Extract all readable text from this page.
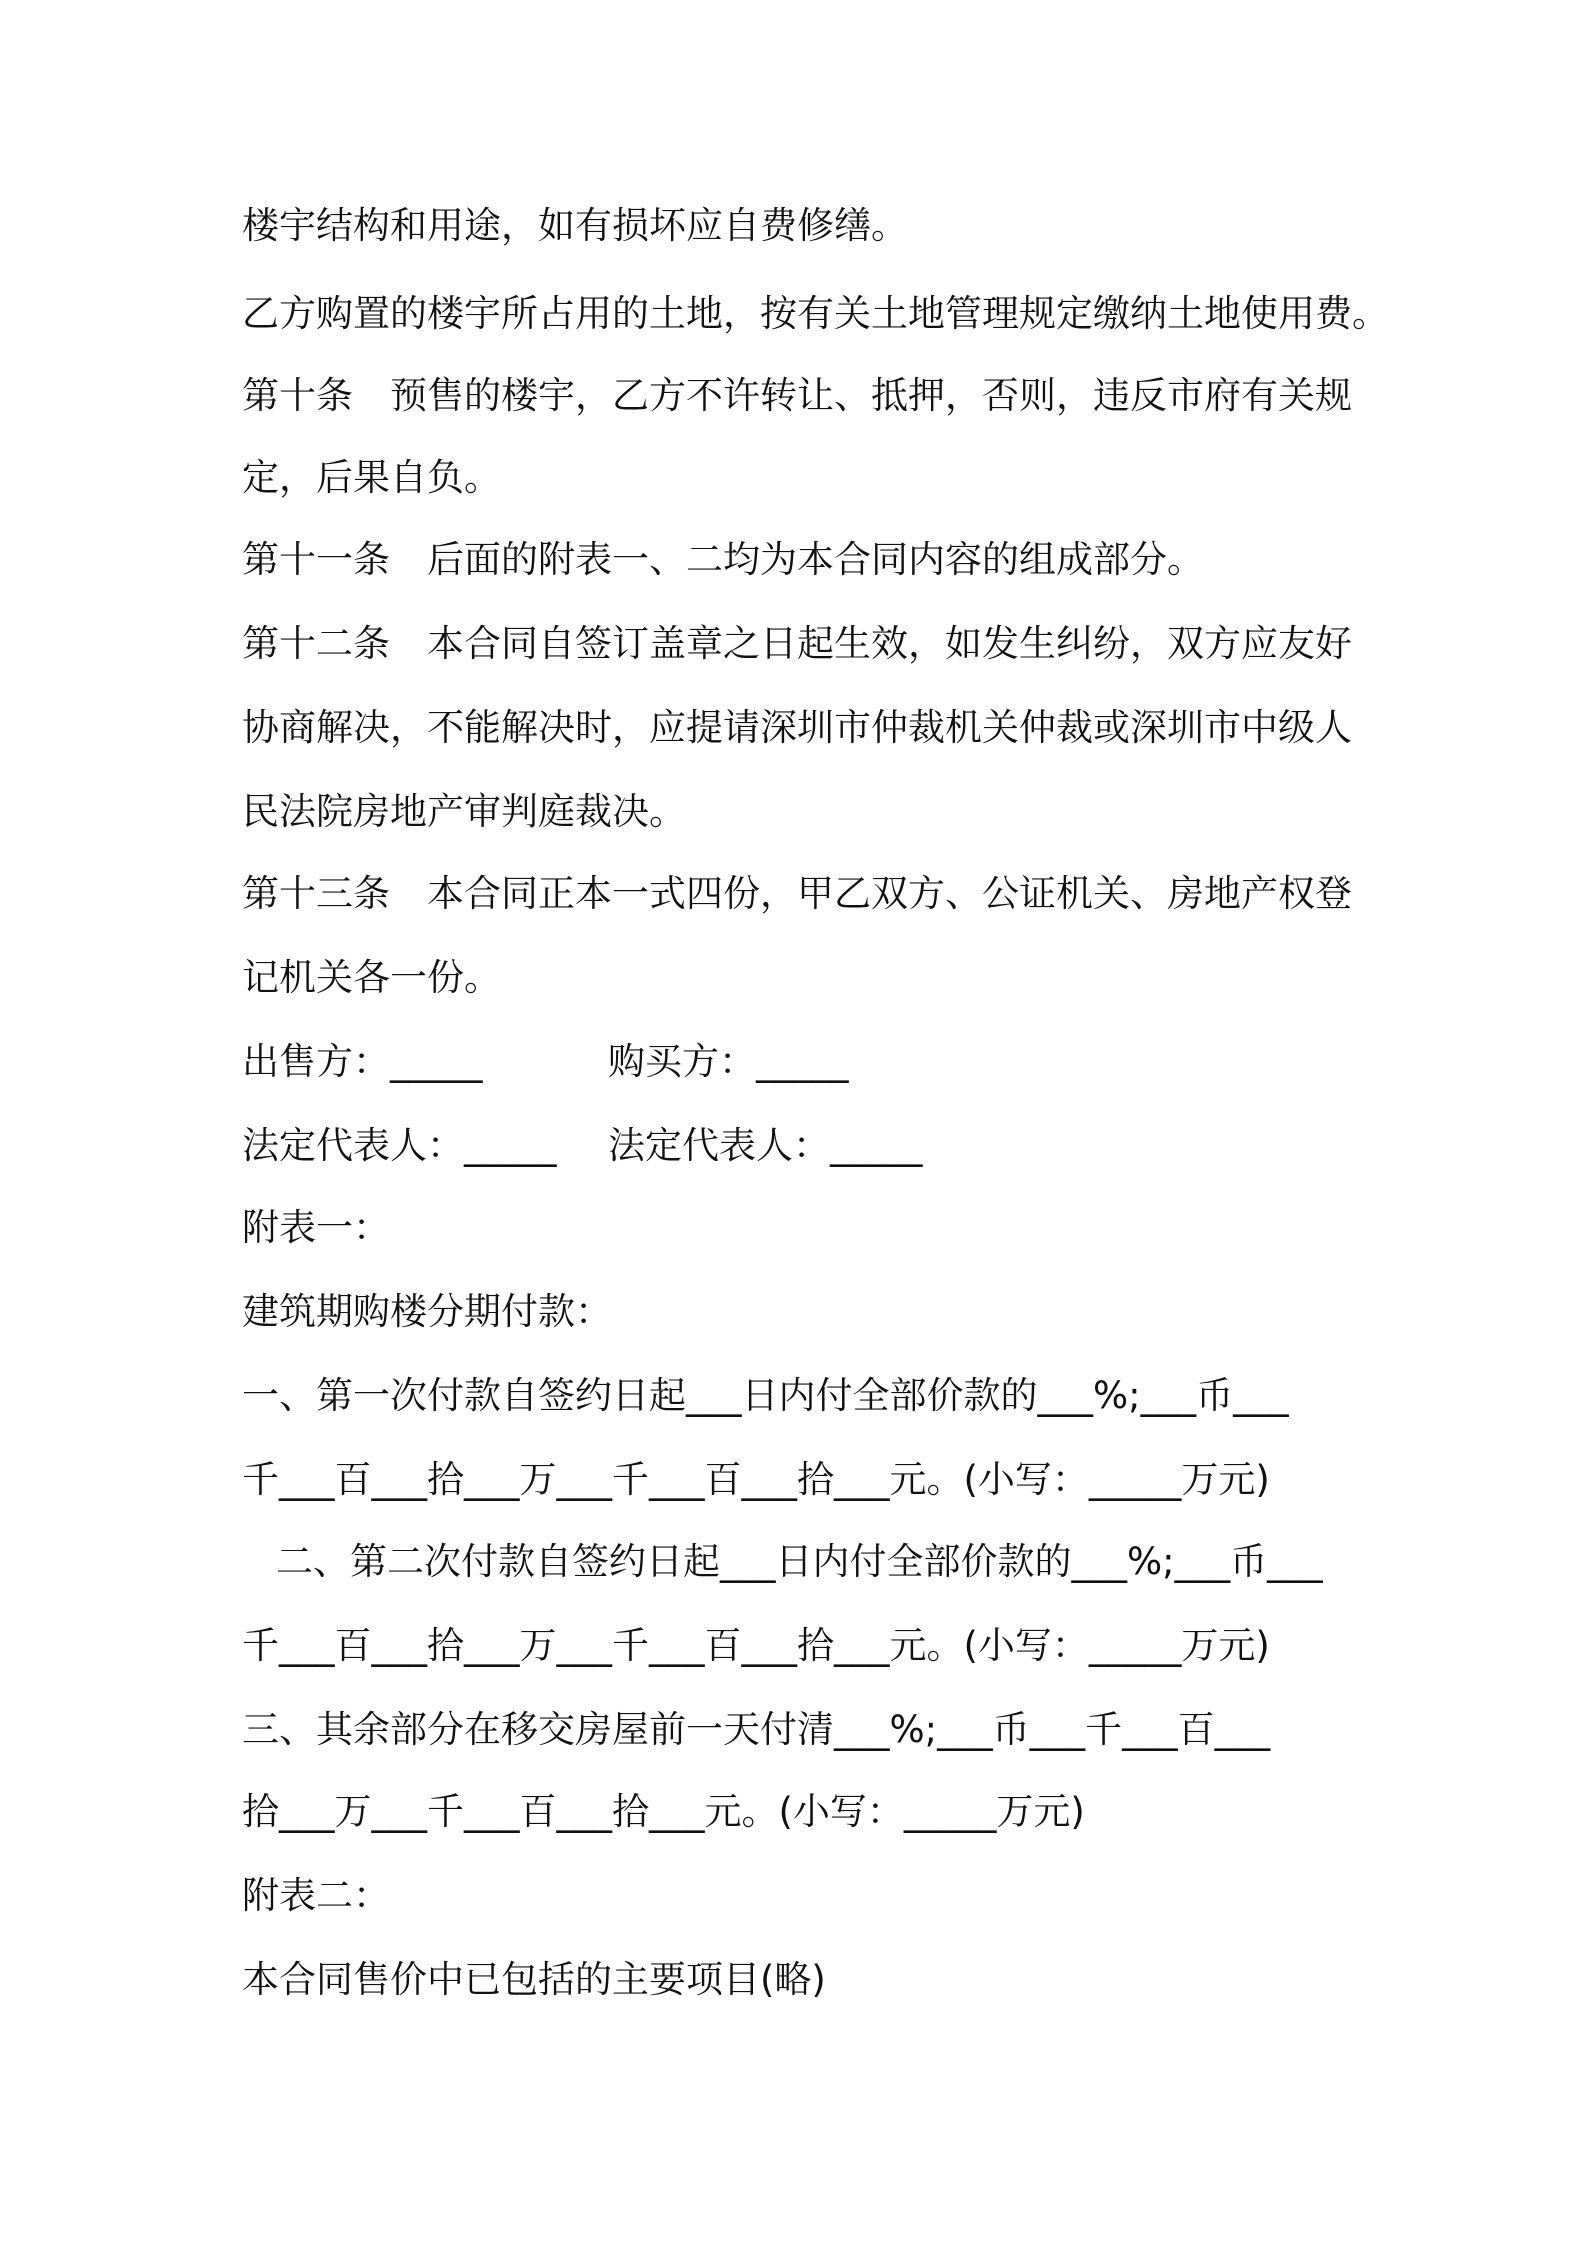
楼宇结构和用途，如有损坏应自费修缮。
乙方购置的楼宇所占用的土地，按有关土地管理规定缴纳土地使用费。
第十条　预售的楼宇，乙方不许转让、抵押，否则，违反市府有关规
定，后果自负。
第十一条　后面的附表一、二均为本合同内容的组成部分。
第十二条　本合同自签订盖章之日起生效，如发生纠纷，双方应友好
协商解决，不能解决时，应提请深圳市仲裁机关仲裁或深圳市中级人
民法院房地产审判庭裁决。
第十三条　本合同正本一式四份，甲乙双方、公证机关、房地产权登
记机关各一份。
出售方：_____	购买方：_____
法定代表人：_____ 法定代表人：_____
附表一：
建筑期购楼分期付款：
一、第一次付款自签约日起___日内付全部价款的___%;___币___
千___百___拾___万___千___百___拾___元。(小写：_____万元)
二、第二次付款自签约日起___日内付全部价款的___%;___币___
千___百___拾___万___千___百___拾___元。(小写：_____万元)
三、其余部分在移交房屋前一天付清___%;___币___千___百___
拾___万___千___百___拾___元。(小写：_____万元)
附表二：
本合同售价中已包括的主要项目(略)
